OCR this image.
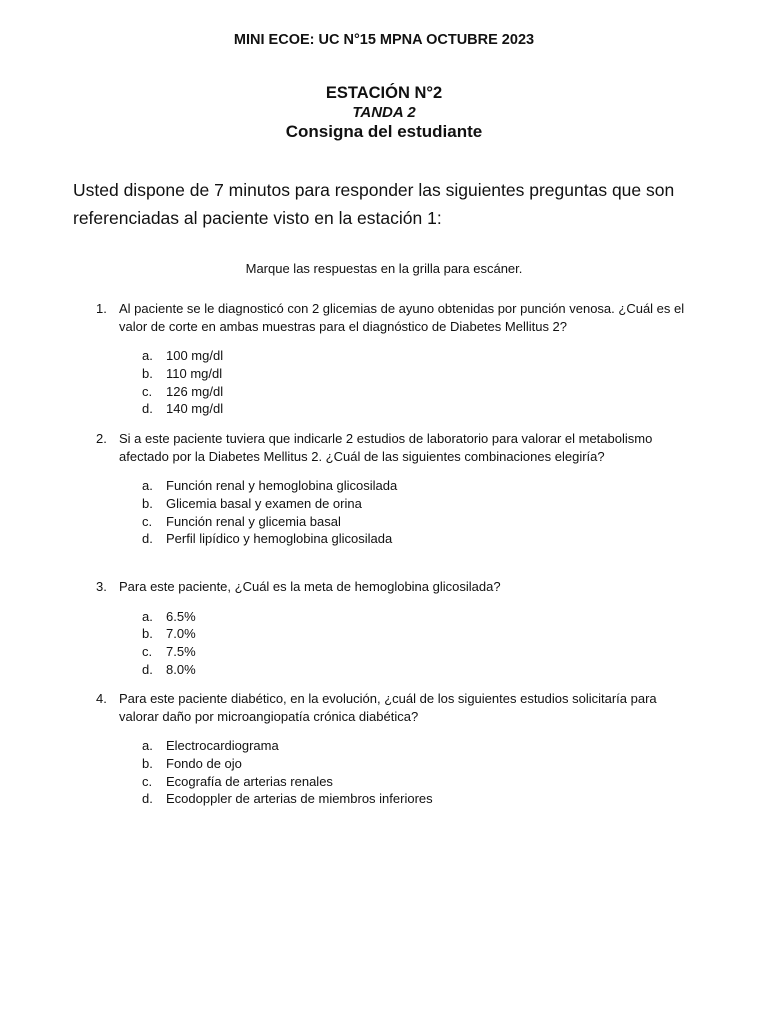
MINI ECOE: UC N°15 MPNA OCTUBRE 2023
ESTACIÓN N°2
TANDA 2
Consigna del estudiante

Usted dispone de 7 minutos para responder las siguientes preguntas que son referenciadas al paciente visto en la estación 1:

Marque las respuestas en la grilla para escáner.
1. Al paciente se le diagnosticó con 2 glicemias de ayuno obtenidas por punción venosa. ¿Cuál es el valor de corte en ambas muestras para el diagnóstico de Diabetes Mellitus 2?
a. 100 mg/dl
b. 110 mg/dl
c. 126 mg/dl
d. 140 mg/dl
2. Si a este paciente tuviera que indicarle 2 estudios de laboratorio para valorar el metabolismo afectado por la Diabetes Mellitus 2. ¿Cuál de las siguientes combinaciones elegiría?
a. Función renal y hemoglobina glicosilada
b. Glicemia basal y examen de orina
c. Función renal y glicemia basal
d. Perfil lipídico y hemoglobina glicosilada
3. Para este paciente, ¿Cuál es la meta de hemoglobina glicosilada?
a. 6.5%
b. 7.0%
c. 7.5%
d. 8.0%
4. Para este paciente diabético, en la evolución, ¿cuál de los siguientes estudios solicitaría para valorar daño por microangiopatía crónica diabética?
a. Electrocardiograma
b. Fondo de ojo
c. Ecografía de arterias renales
d. Ecodoppler de arterias de miembros inferiores
